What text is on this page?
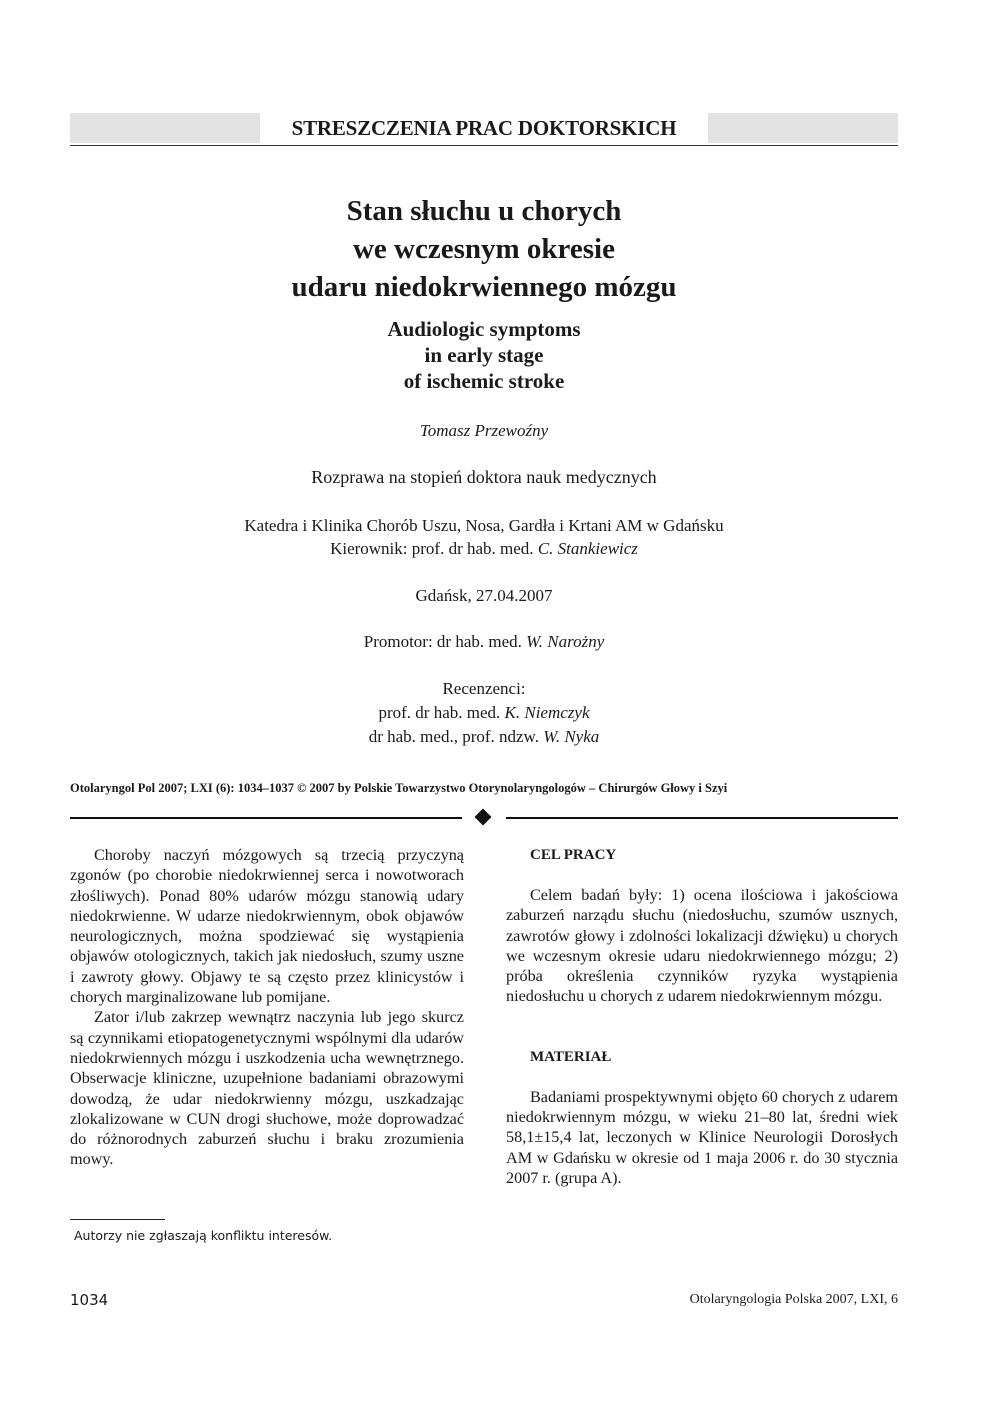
STRESZCZENIA PRAC DOKTORSKICH
Stan słuchu u chorych
we wczesnym okresie
udaru niedokrwiennego mózgu
Audiologic symptoms
in early stage
of ischemic stroke
Tomasz Przewoźny
Rozprawa na stopień doktora nauk medycznych
Katedra i Klinika Chorób Uszu, Nosa, Gardła i Krtani AM w Gdańsku
Kierownik: prof. dr hab. med. C. Stankiewicz
Gdańsk, 27.04.2007
Promotor: dr hab. med. W. Narożny
Recenzenci:
prof. dr hab. med. K. Niemczyk
dr hab. med., prof. ndzw. W. Nyka
Otolaryngol Pol 2007; LXI (6): 1034–1037 © 2007 by Polskie Towarzystwo Otorynolaryngologów – Chirurgów Głowy i Szyi

Choroby naczyń mózgowych są trzecią przyczyną zgonów (po chorobie niedokrwiennej serca i nowotworach złośliwych). Ponad 80% udarów mózgu stanowią udary niedokrwienne. W udarze niedokrwiennym, obok objawów neurologicznych, można spodziewać się wystąpienia objawów otologicznych, takich jak niedosłuch, szumy uszne i zawroty głowy. Objawy te są często przez klinicystów i chorych marginalizowane lub pomijane.

Zator i/lub zakrzep wewnątrz naczynia lub jego skurcz są czynnikami etiopatogenetycznymi wspólnymi dla udarów niedokrwiennych mózgu i uszkodzenia ucha wewnętrznego. Obserwacje kliniczne, uzupełnione badaniami obrazowymi dowodzą, że udar niedokrwienny mózgu, uszkadzając zlokalizowane w CUN drogi słuchowe, może doprowadzać do różnorodnych zaburzeń słuchu i braku zrozumienia mowy.

CEL PRACY

Celem badań były: 1) ocena ilościowa i jakościowa zaburzeń narządu słuchu (niedosłuchu, szumów usznych, zawrotów głowy i zdolności lokalizacji dźwięku) u chorych we wczesnym okresie udaru niedokrwiennego mózgu; 2) próba określenia czynników ryzyka wystąpienia niedosłuchu u chorych z udarem niedokrwiennym mózgu.

MATERIAŁ

Badaniami prospektywnymi objęto 60 chorych z udarem niedokrwiennym mózgu, w wieku 21–80 lat, średni wiek 58,1±15,4 lat, leczonych w Klinice Neurologii Dorosłych AM w Gdańsku w okresie od 1 maja 2006 r. do 30 stycznia 2007 r. (grupa A).

Autorzy nie zgłaszają konfliktu interesów.
1034	Otolaryngologia Polska 2007, LXI, 6
